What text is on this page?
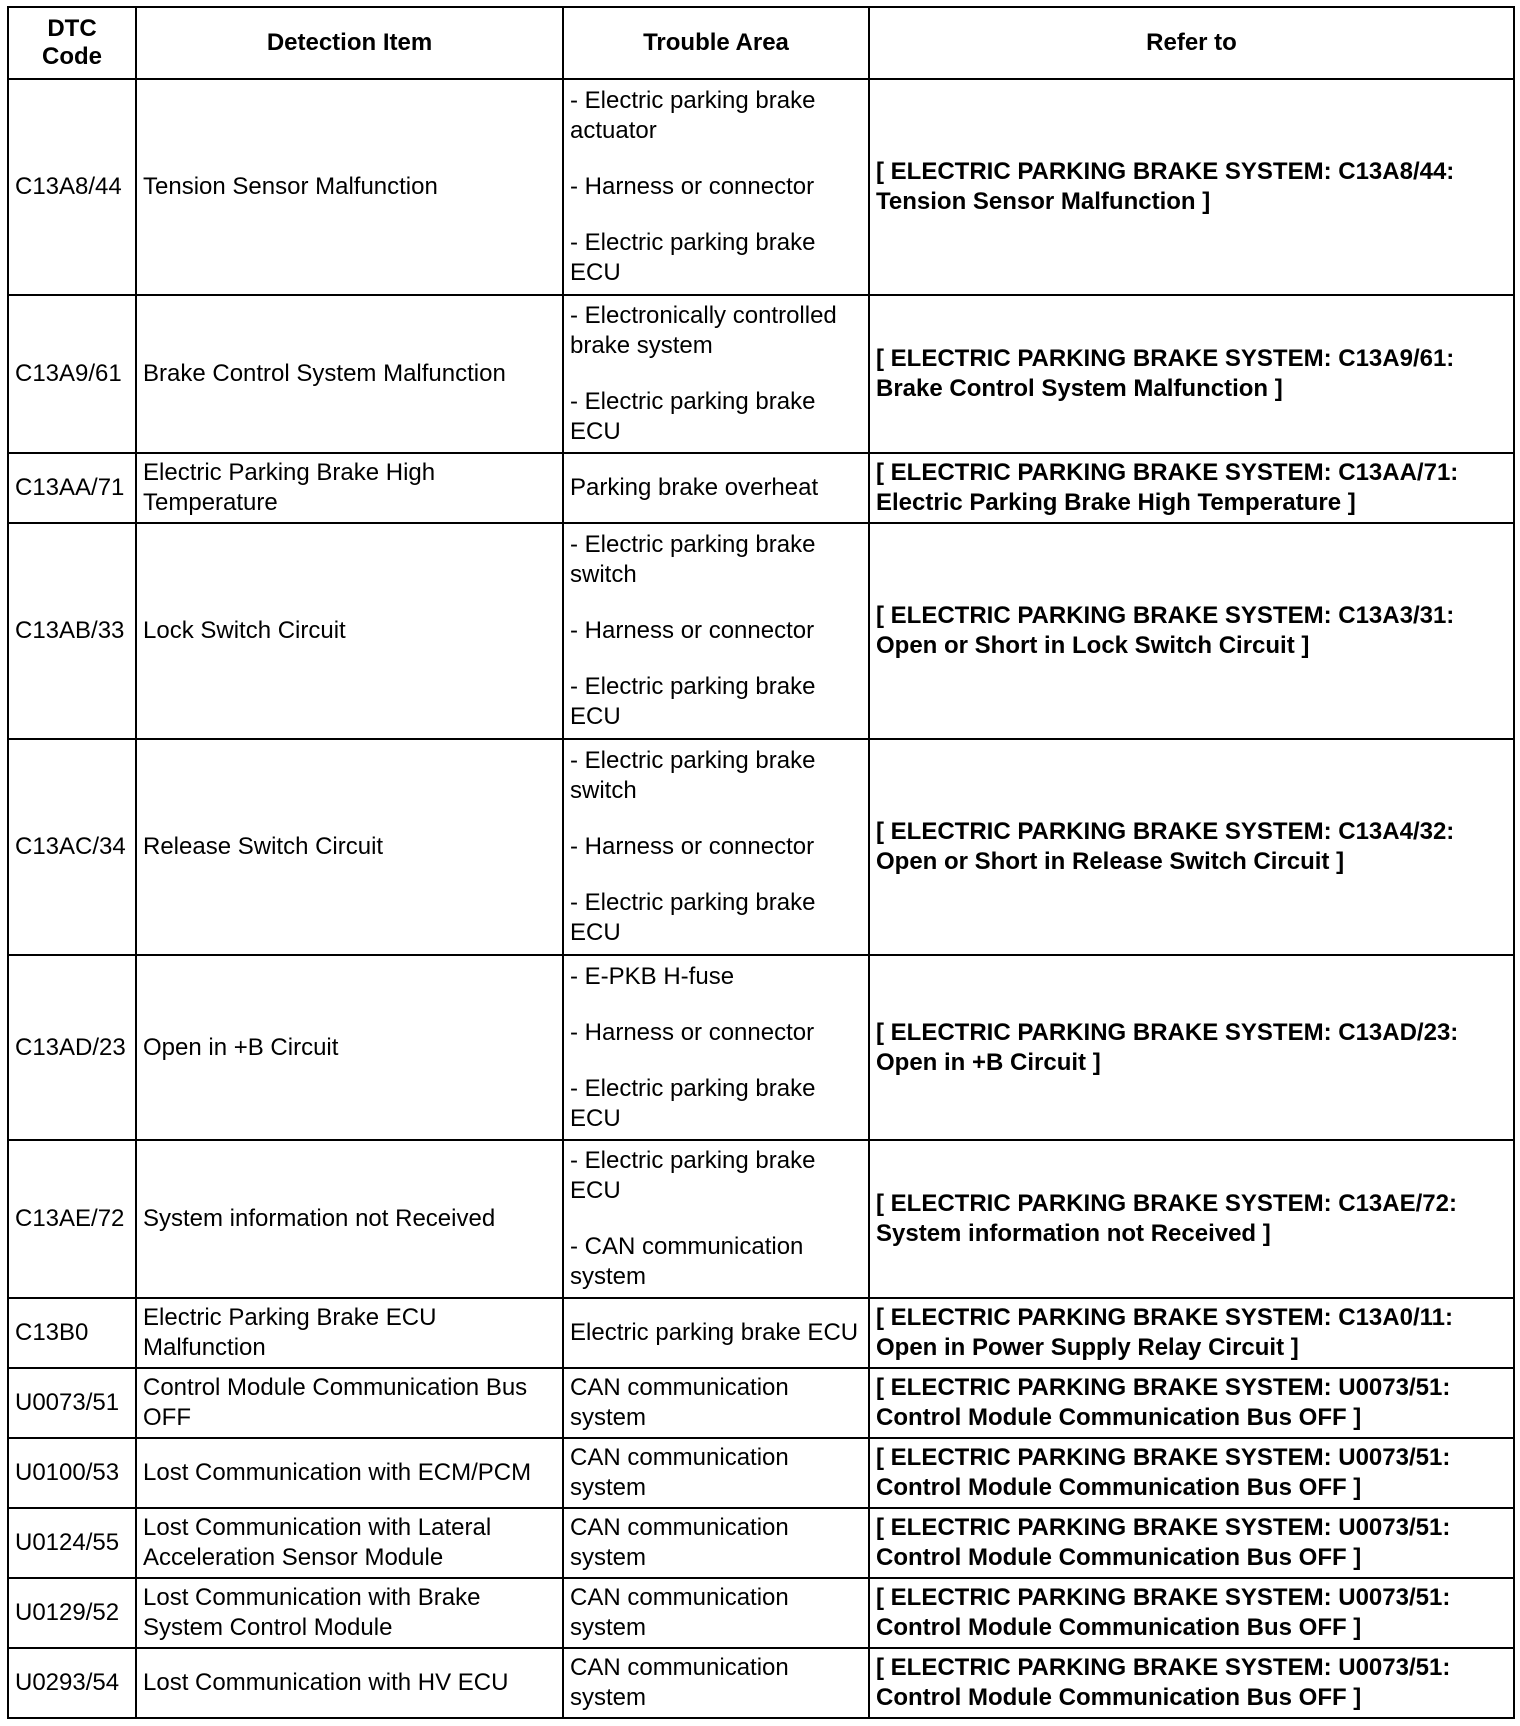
DTC
Code	Detection Item	Trouble Area	Refer to
C13A8/44	Tension Sensor Malfunction	- Electric parking brake actuator
- Harness or connector
- Electric parking brake ECU	[ ELECTRIC PARKING BRAKE SYSTEM: C13A8/44: Tension Sensor Malfunction ]
C13A9/61	Brake Control System Malfunction	- Electronically controlled brake system
- Electric parking brake ECU	[ ELECTRIC PARKING BRAKE SYSTEM: C13A9/61: Brake Control System Malfunction ]
C13AA/71	Electric Parking Brake High Temperature	Parking brake overheat	[ ELECTRIC PARKING BRAKE SYSTEM: C13AA/71: Electric Parking Brake High Temperature ]
C13AB/33	Lock Switch Circuit	- Electric parking brake switch
- Harness or connector
- Electric parking brake ECU	[ ELECTRIC PARKING BRAKE SYSTEM: C13A3/31: Open or Short in Lock Switch Circuit ]
C13AC/34	Release Switch Circuit	- Electric parking brake switch
- Harness or connector
- Electric parking brake ECU	[ ELECTRIC PARKING BRAKE SYSTEM: C13A4/32: Open or Short in Release Switch Circuit ]
C13AD/23	Open in +B Circuit	- E-PKB H-fuse
- Harness or connector
- Electric parking brake ECU	[ ELECTRIC PARKING BRAKE SYSTEM: C13AD/23: Open in +B Circuit ]
C13AE/72	System information not Received	- Electric parking brake ECU
- CAN communication system	[ ELECTRIC PARKING BRAKE SYSTEM: C13AE/72: System information not Received ]
C13B0	Electric Parking Brake ECU Malfunction	Electric parking brake ECU	[ ELECTRIC PARKING BRAKE SYSTEM: C13A0/11: Open in Power Supply Relay Circuit ]
U0073/51	Control Module Communication Bus OFF	CAN communication system	[ ELECTRIC PARKING BRAKE SYSTEM: U0073/51: Control Module Communication Bus OFF ]
U0100/53	Lost Communication with ECM/PCM	CAN communication system	[ ELECTRIC PARKING BRAKE SYSTEM: U0073/51: Control Module Communication Bus OFF ]
U0124/55	Lost Communication with Lateral Acceleration Sensor Module	CAN communication system	[ ELECTRIC PARKING BRAKE SYSTEM: U0073/51: Control Module Communication Bus OFF ]
U0129/52	Lost Communication with Brake System Control Module	CAN communication system	[ ELECTRIC PARKING BRAKE SYSTEM: U0073/51: Control Module Communication Bus OFF ]
U0293/54	Lost Communication with HV ECU	CAN communication system	[ ELECTRIC PARKING BRAKE SYSTEM: U0073/51: Control Module Communication Bus OFF ]
